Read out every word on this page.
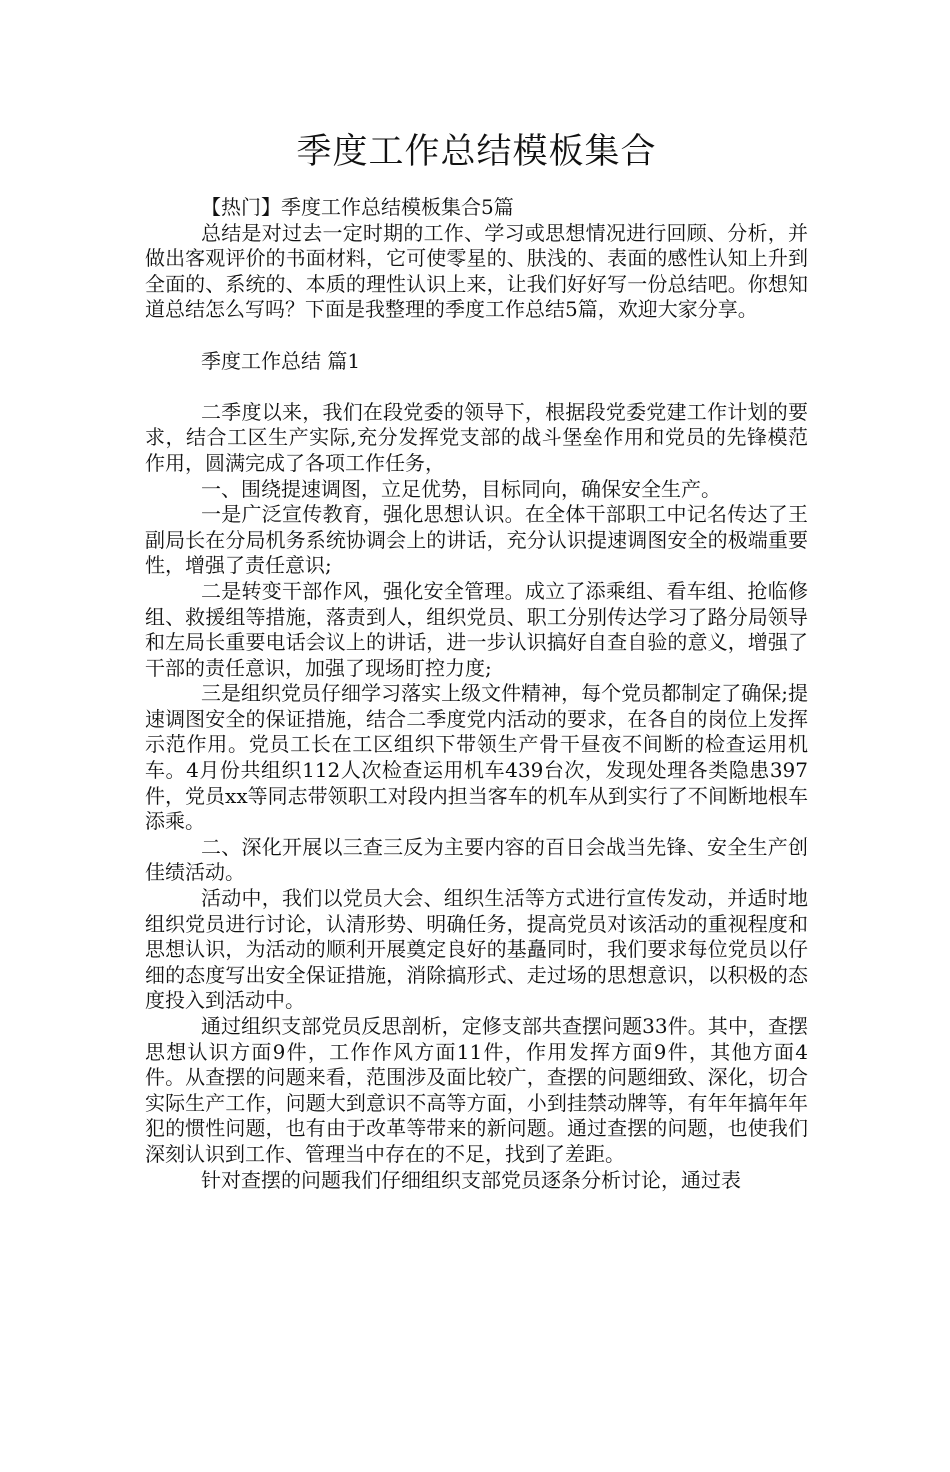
季度工作总结模板集合

【热门】季度工作总结模板集合5篇

总结是对过去一定时期的工作、学习或思想情况进行回顾、分析，并做出客观评价的书面材料，它可使零星的、肤浅的、表面的感性认知上升到全面的、系统的、本质的理性认识上来，让我们好好写一份总结吧。你想知道总结怎么写吗？下面是我整理的季度工作总结5篇，欢迎大家分享。

季度工作总结 篇1

二季度以来，我们在段党委的领导下，根据段党委党建工作计划的要求，结合工区生产实际,充分发挥党支部的战斗堡垒作用和党员的先锋模范作用，圆满完成了各项工作任务，

一、围绕提速调图，立足优势，目标同向，确保安全生产。

一是广泛宣传教育，强化思想认识。在全体干部职工中记名传达了王副局长在分局机务系统协调会上的讲话，充分认识提速调图安全的极端重要性，增强了责任意识;

二是转变干部作风，强化安全管理。成立了添乘组、看车组、抢临修组、救援组等措施，落责到人，组织党员、职工分别传达学习了路分局领导和左局长重要电话会议上的讲话，进一步认识搞好自查自验的意义，增强了干部的责任意识，加强了现场盯控力度;

三是组织党员仔细学习落实上级文件精神，每个党员都制定了确保;提速调图安全的保证措施，结合二季度党内活动的要求，在各自的岗位上发挥示范作用。党员工长在工区组织下带领生产骨干昼夜不间断的检查运用机车。4月份共组织112人次检查运用机车439台次，发现处理各类隐患397件，党员xx等同志带领职工对段内担当客车的机车从到实行了不间断地根车添乘。

二、深化开展以三查三反为主要内容的百日会战当先锋、安全生产创佳绩活动。

活动中，我们以党员大会、组织生活等方式进行宣传发动，并适时地组织党员进行讨论，认清形势、明确任务，提高党员对该活动的重视程度和思想认识，为活动的顺利开展奠定良好的基矗同时，我们要求每位党员以仔细的态度写出安全保证措施，消除搞形式、走过场的思想意识，以积极的态度投入到活动中。

通过组织支部党员反思剖析，定修支部共查摆问题33件。其中，查摆思想认识方面9件，工作作风方面11件，作用发挥方面9件，其他方面4件。从查摆的问题来看，范围涉及面比较广，查摆的问题细致、深化，切合实际生产工作，问题大到意识不高等方面，小到挂禁动牌等，有年年搞年年犯的惯性问题，也有由于改革等带来的新问题。通过查摆的问题，也使我们深刻认识到工作、管理当中存在的不足，找到了差距。

针对查摆的问题我们仔细组织支部党员逐条分析讨论，通过表
